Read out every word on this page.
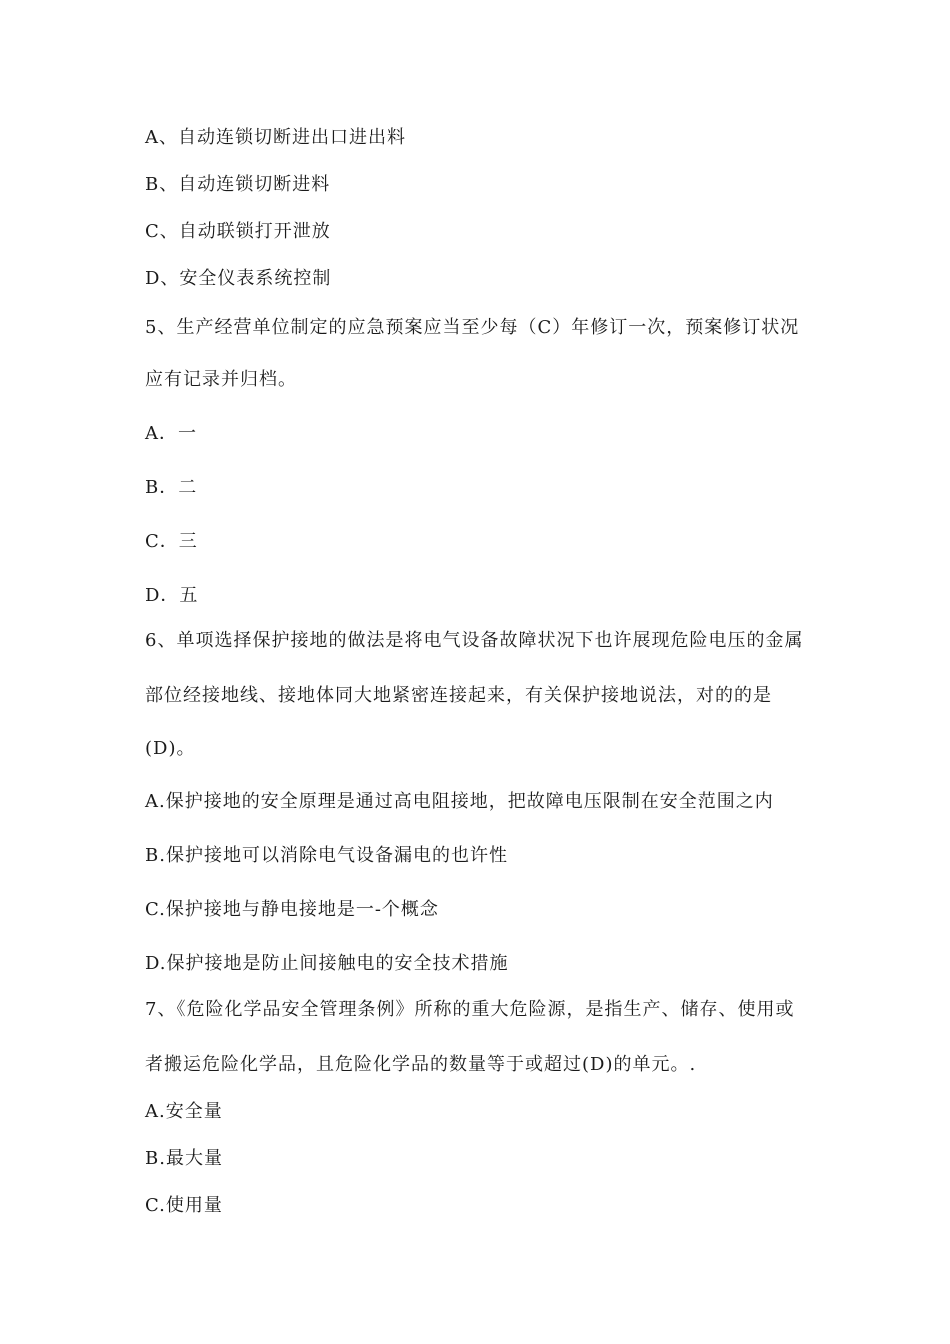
A、自动连锁切断进出口进出料
B、自动连锁切断进料
C、自动联锁打开泄放
D、安全仪表系统控制
5、生产经营单位制定的应急预案应当至少每（C）年修订一次，预案修订状况
应有记录并归档。
A．一
B．二
C．三
D．五
6、单项选择保护接地的做法是将电气设备故障状况下也许展现危险电压的金属
部位经接地线、接地体同大地紧密连接起来，有关保护接地说法，对的的是
(D)。
A.保护接地的安全原理是通过高电阻接地，把故障电压限制在安全范围之内
B.保护接地可以消除电气设备漏电的也许性
C.保护接地与静电接地是一-个概念
D.保护接地是防止间接触电的安全技术措施
7、《危险化学品安全管理条例》所称的重大危险源，是指生产、储存、使用或
者搬运危险化学品，且危险化学品的数量等于或超过(D)的单元。.
A.安全量
B.最大量
C.使用量
